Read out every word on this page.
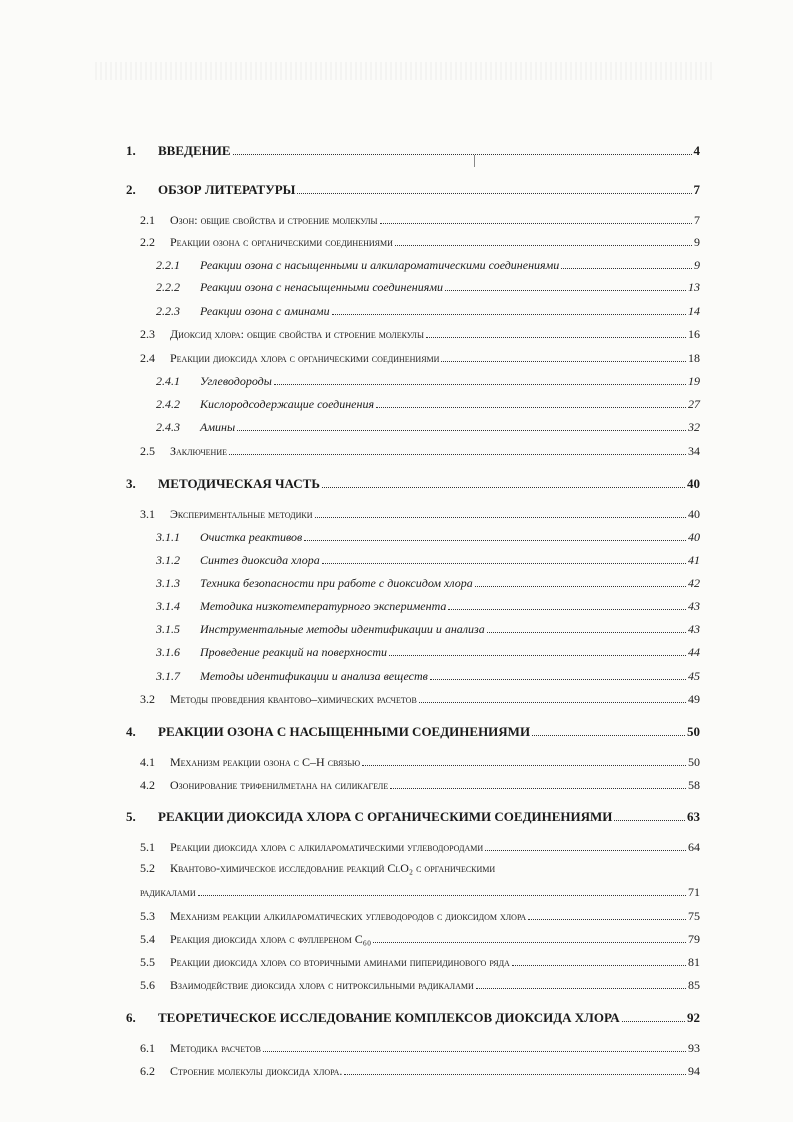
1.	ВВЕДЕНИЕ	4
2.	ОБЗОР ЛИТЕРАТУРЫ	7
2.1	Озон: общие свойства и строение молекулы	7
2.2	Реакции озона с органическими соединениями	9
2.2.1	Реакции озона с насыщенными и алкилароматическими соединениями	9
2.2.2	Реакции озона с ненасыщенными соединениями	13
2.2.3	Реакции озона с аминами	14
2.3	Диоксид хлора: общие свойства и строение молекулы	16
2.4	Реакции диоксида хлора с органическими соединениями	18
2.4.1	Углеводороды	19
2.4.2	Кислородсодержащие соединения	27
2.4.3	Амины	32
2.5	Заключение	34
3.	МЕТОДИЧЕСКАЯ ЧАСТЬ	40
3.1	Экспериментальные методики	40
3.1.1	Очистка реактивов	40
3.1.2	Синтез диоксида хлора	41
3.1.3	Техника безопасности при работе с диоксидом хлора	42
3.1.4	Методика низкотемпературного эксперимента	43
3.1.5	Инструментальные методы идентификации и анализа	43
3.1.6	Проведение реакций на поверхности	44
3.1.7	Методы идентификации и анализа веществ	45
3.2	Методы проведения квантово–химических расчетов	49
4.	РЕАКЦИИ ОЗОНА С НАСЫЩЕННЫМИ СОЕДИНЕНИЯМИ	50
4.1	Механизм реакции озона с C–H связью	50
4.2	Озонирование трифенилметана на силикагеле	58
5.	РЕАКЦИИ ДИОКСИДА ХЛОРА С ОРГАНИЧЕСКИМИ СОЕДИНЕНИЯМИ	63
5.1	Реакции диоксида хлора с алкилароматическими углеводородами	64
5.2	Квантово-химическое исследование реакций ClO₂ с органическими
радикалами	71
5.3	Механизм реакции алкилароматических углеводородов с диоксидом хлора	75
5.4	Реакция диоксида хлора с фуллереном C₆₀	79
5.5	Реакции диоксида хлора со вторичными аминами пиперидинового ряда	81
5.6	Взаимодействие диоксида хлора с нитроксильными радикалами	85
6.	ТЕОРЕТИЧЕСКОЕ ИССЛЕДОВАНИЕ КОМПЛЕКСОВ ДИОКСИДА ХЛОРА	92
6.1	Методика расчетов	93
6.2	Строение молекулы диоксида хлора.	94
